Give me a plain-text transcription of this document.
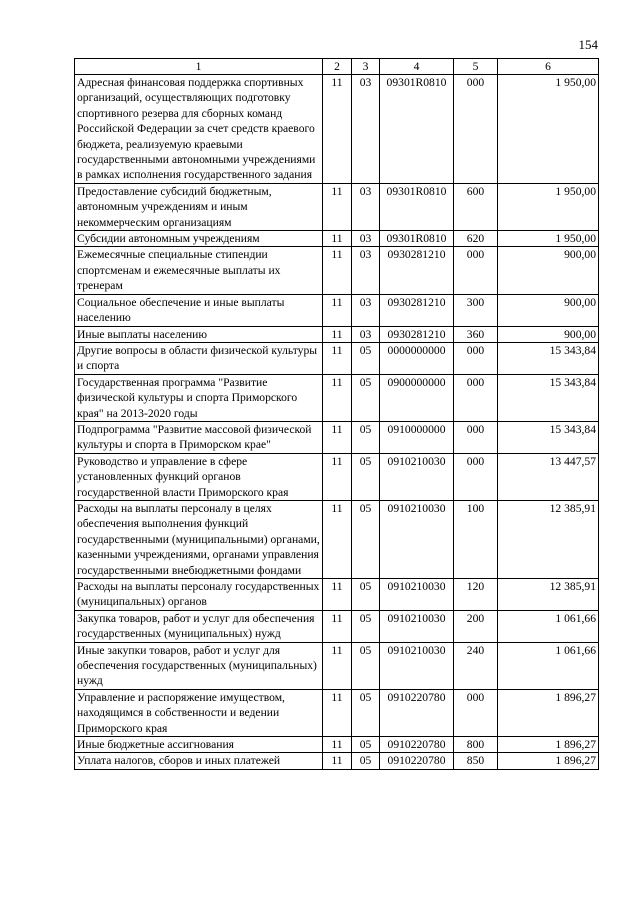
154
1	2	3	4	5	6
Адресная финансовая поддержка спортивных организаций, осуществляющих подготовку спортивного резерва для сборных команд Российской Федерации за счет средств краевого бюджета, реализуемую краевыми государственными автономными учреждениями в рамках исполнения государственного задания	11	03	09301R0810	000	1 950,00
Предоставление субсидий бюджетным, автономным учреждениям и иным некоммерческим организациям	11	03	09301R0810	600	1 950,00
Субсидии автономным учреждениям	11	03	09301R0810	620	1 950,00
Ежемесячные специальные стипендии спортсменам и ежемесячные выплаты их тренерам	11	03	0930281210	000	900,00
Социальное обеспечение и иные выплаты населению	11	03	0930281210	300	900,00
Иные выплаты населению	11	03	0930281210	360	900,00
Другие вопросы в области физической культуры и спорта	11	05	0000000000	000	15 343,84
Государственная программа "Развитие физической культуры и спорта Приморского края" на 2013-2020 годы	11	05	0900000000	000	15 343,84
Подпрограмма "Развитие массовой физической культуры и спорта в Приморском крае"	11	05	0910000000	000	15 343,84
Руководство и управление в сфере установленных функций органов государственной власти Приморского края	11	05	0910210030	000	13 447,57
Расходы на выплаты персоналу в целях обеспечения выполнения функций государственными (муниципальными) органами, казенными учреждениями, органами управления государственными внебюджетными фондами	11	05	0910210030	100	12 385,91
Расходы на выплаты персоналу государственных (муниципальных) органов	11	05	0910210030	120	12 385,91
Закупка товаров, работ и услуг для обеспечения государственных (муниципальных) нужд	11	05	0910210030	200	1 061,66
Иные закупки товаров, работ и услуг для обеспечения государственных (муниципальных) нужд	11	05	0910210030	240	1 061,66
Управление и распоряжение имуществом, находящимся в собственности и ведении Приморского края	11	05	0910220780	000	1 896,27
Иные бюджетные ассигнования	11	05	0910220780	800	1 896,27
Уплата налогов, сборов и иных платежей	11	05	0910220780	850	1 896,27
